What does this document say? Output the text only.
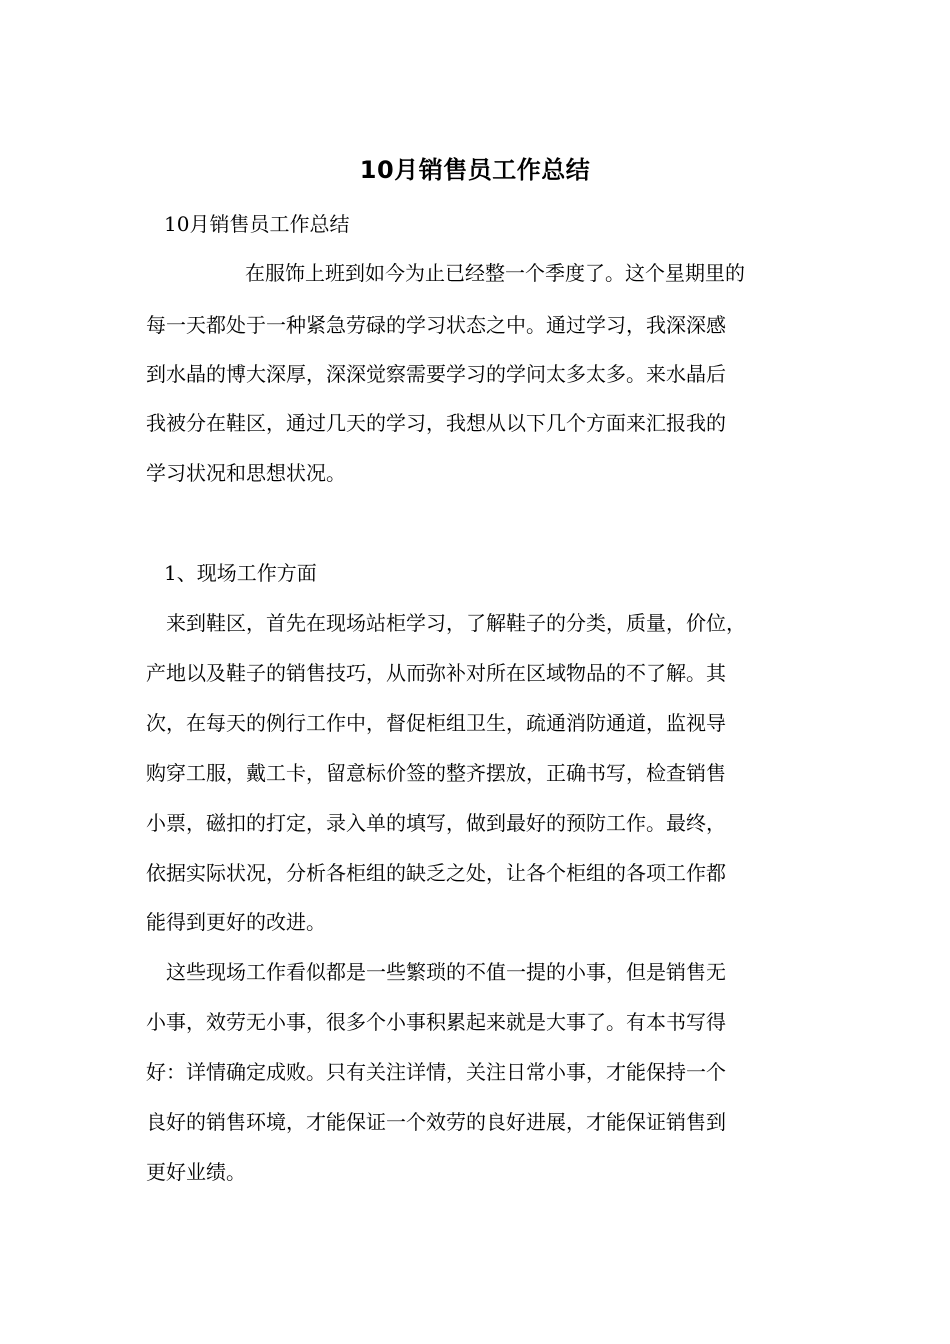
10月销售员工作总结
10月销售员工作总结
在服饰上班到如今为止已经整一个季度了。这个星期里的
每一天都处于一种紧急劳碌的学习状态之中。通过学习，我深深感
到水晶的博大深厚，深深觉察需要学习的学问太多太多。来水晶后
我被分在鞋区，通过几天的学习，我想从以下几个方面来汇报我的
学习状况和思想状况。
1、现场工作方面
来到鞋区，首先在现场站柜学习，了解鞋子的分类，质量，价位，
产地以及鞋子的销售技巧，从而弥补对所在区域物品的不了解。其
次，在每天的例行工作中，督促柜组卫生，疏通消防通道，监视导
购穿工服，戴工卡，留意标价签的整齐摆放，正确书写，检查销售
小票，磁扣的打定，录入单的填写，做到最好的预防工作。最终，
依据实际状况，分析各柜组的缺乏之处，让各个柜组的各项工作都
能得到更好的改进。
这些现场工作看似都是一些繁琐的不值一提的小事，但是销售无
小事，效劳无小事，很多个小事积累起来就是大事了。有本书写得
好：详情确定成败。只有关注详情，关注日常小事，才能保持一个
良好的销售环境，才能保证一个效劳的良好进展，才能保证销售到
更好业绩。
